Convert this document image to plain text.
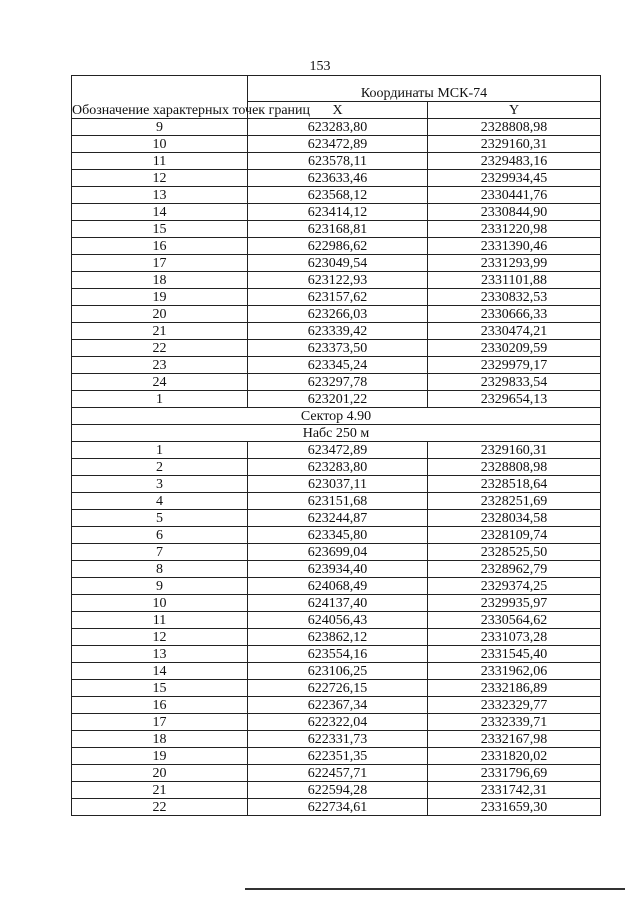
153
Обозначение характерных точек границ	Координаты МСК-74	
	X	Y
9	623283,80	2328808,98
10	623472,89	2329160,31
11	623578,11	2329483,16
12	623633,46	2329934,45
13	623568,12	2330441,76
14	623414,12	2330844,90
15	623168,81	2331220,98
16	622986,62	2331390,46
17	623049,54	2331293,99
18	623122,93	2331101,88
19	623157,62	2330832,53
20	623266,03	2330666,33
21	623339,42	2330474,21
22	623373,50	2330209,59
23	623345,24	2329979,17
24	623297,78	2329833,54
1	623201,22	2329654,13
Сектор 4.90		
Набс 250 м		
1	623472,89	2329160,31
2	623283,80	2328808,98
3	623037,11	2328518,64
4	623151,68	2328251,69
5	623244,87	2328034,58
6	623345,80	2328109,74
7	623699,04	2328525,50
8	623934,40	2328962,79
9	624068,49	2329374,25
10	624137,40	2329935,97
11	624056,43	2330564,62
12	623862,12	2331073,28
13	623554,16	2331545,40
14	623106,25	2331962,06
15	622726,15	2332186,89
16	622367,34	2332329,77
17	622322,04	2332339,71
18	622331,73	2332167,98
19	622351,35	2331820,02
20	622457,71	2331796,69
21	622594,28	2331742,31
22	622734,61	2331659,30
